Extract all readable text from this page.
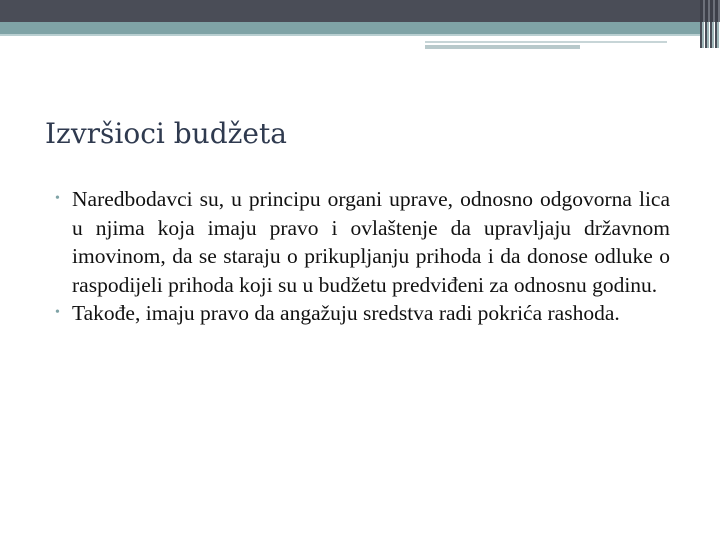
Izvršioci budžeta
• Naredbodavci su, u principu organi uprave, odnosno odgovorna lica u njima koja imaju pravo i ovlaštenje da upravljaju državnom imovinom, da se staraju o prikupljanju prihoda i da donose odluke o raspodijeli prihoda koji su u budžetu predviđeni za odnosnu godinu.
• Takođe, imaju pravo da angažuju sredstva radi pokrića rashoda.
